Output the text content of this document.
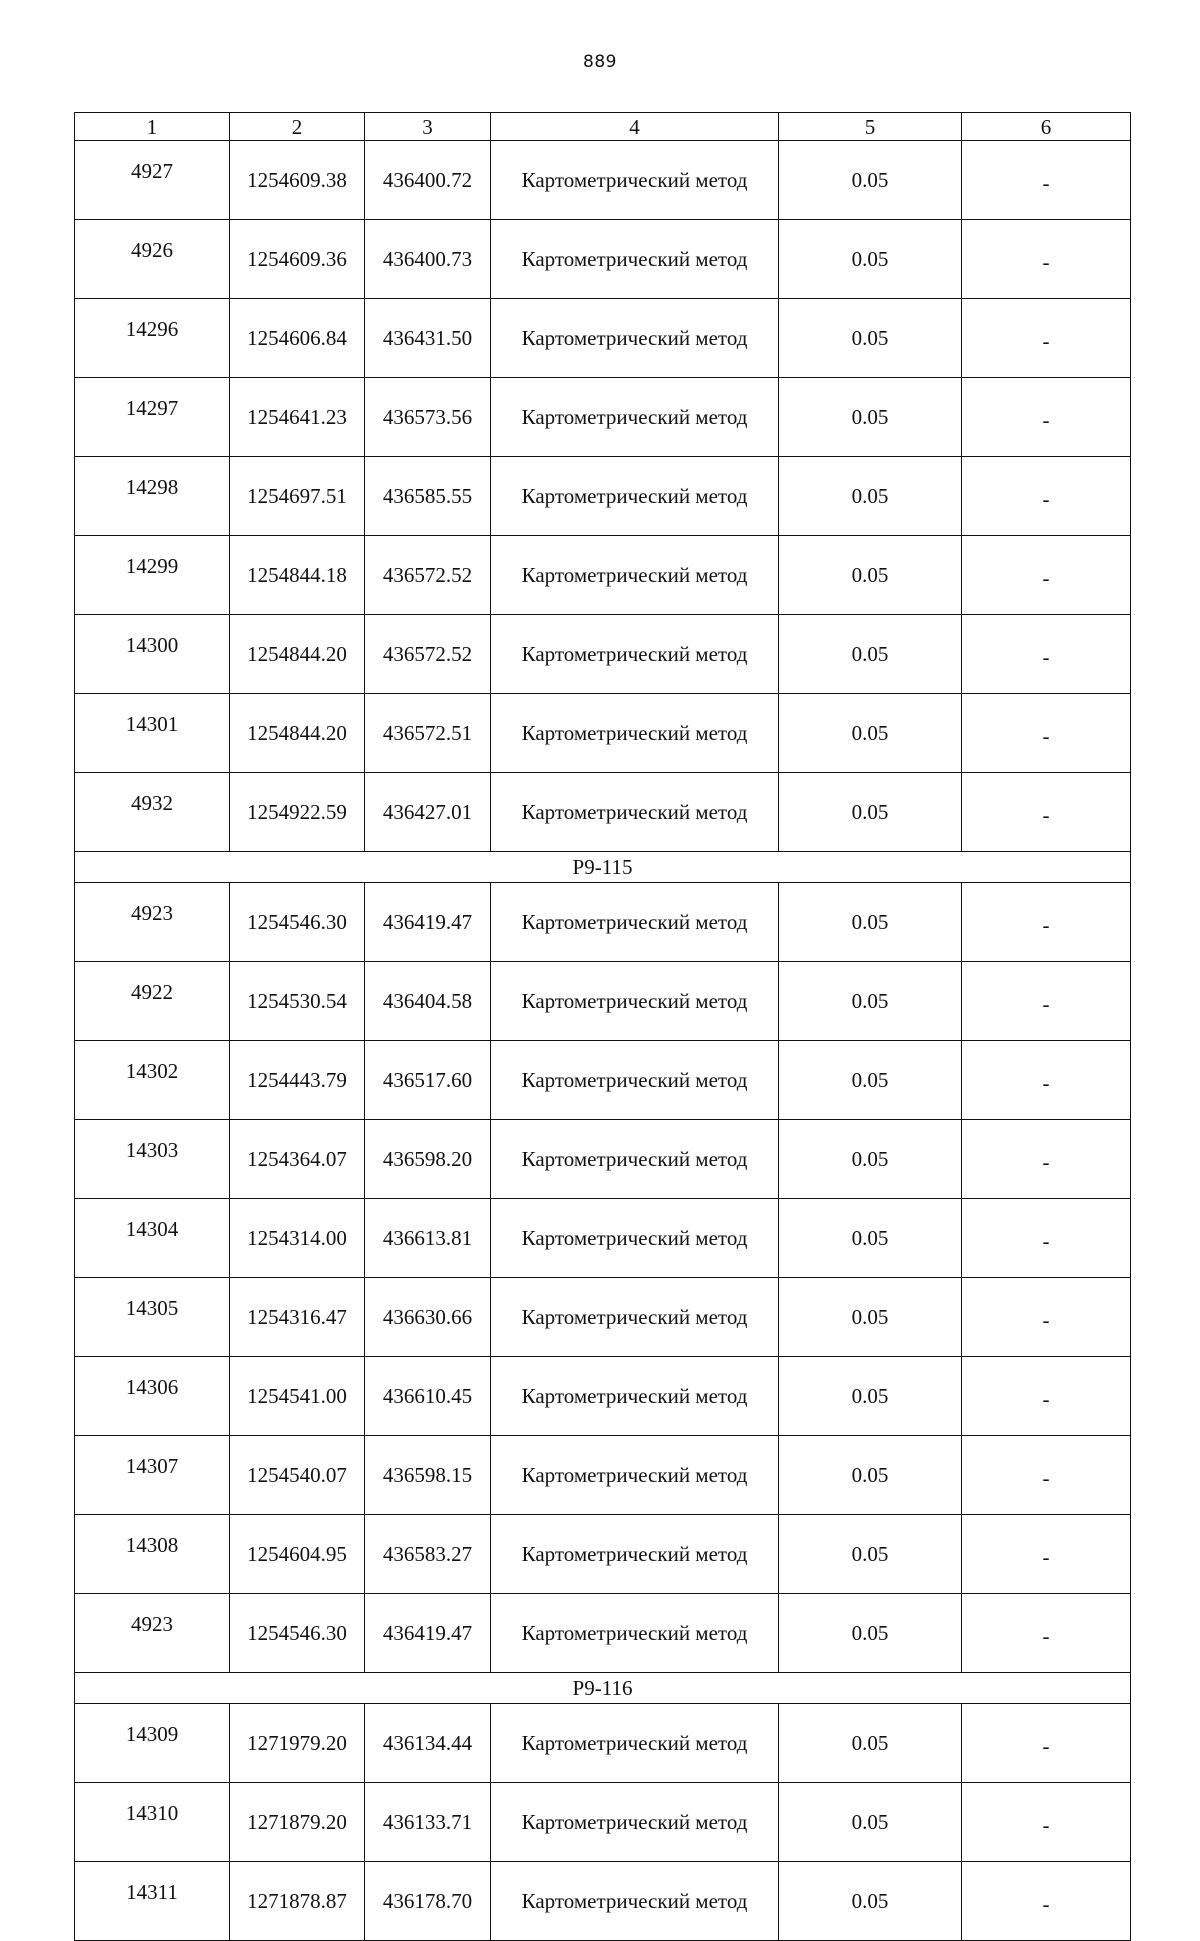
889
1	2	3	4	5	6
4927	1254609.38	436400.72	Картометрический метод	0.05	-
4926	1254609.36	436400.73	Картометрический метод	0.05	-
14296	1254606.84	436431.50	Картометрический метод	0.05	-
14297	1254641.23	436573.56	Картометрический метод	0.05	-
14298	1254697.51	436585.55	Картометрический метод	0.05	-
14299	1254844.18	436572.52	Картометрический метод	0.05	-
14300	1254844.20	436572.52	Картометрический метод	0.05	-
14301	1254844.20	436572.51	Картометрический метод	0.05	-
4932	1254922.59	436427.01	Картометрический метод	0.05	-
Р9-115					
4923	1254546.30	436419.47	Картометрический метод	0.05	-
4922	1254530.54	436404.58	Картометрический метод	0.05	-
14302	1254443.79	436517.60	Картометрический метод	0.05	-
14303	1254364.07	436598.20	Картометрический метод	0.05	-
14304	1254314.00	436613.81	Картометрический метод	0.05	-
14305	1254316.47	436630.66	Картометрический метод	0.05	-
14306	1254541.00	436610.45	Картометрический метод	0.05	-
14307	1254540.07	436598.15	Картометрический метод	0.05	-
14308	1254604.95	436583.27	Картометрический метод	0.05	-
4923	1254546.30	436419.47	Картометрический метод	0.05	-
Р9-116					
14309	1271979.20	436134.44	Картометрический метод	0.05	-
14310	1271879.20	436133.71	Картометрический метод	0.05	-
14311	1271878.87	436178.70	Картометрический метод	0.05	-
